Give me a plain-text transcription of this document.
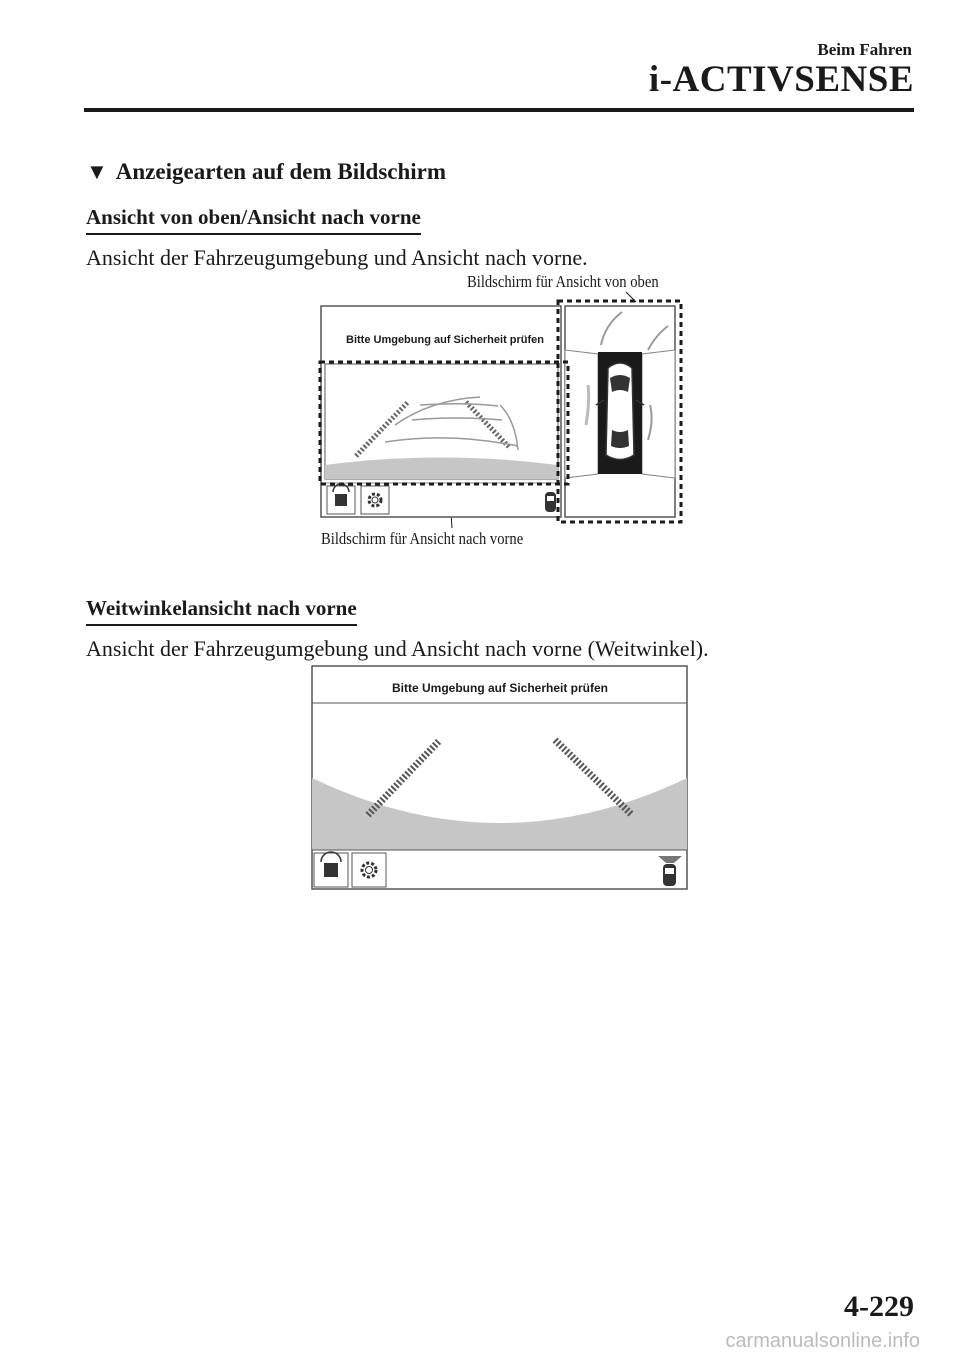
Beim Fahren
i-ACTIVSENSE
▼ Anzeigearten auf dem Bildschirm
Ansicht von oben/Ansicht nach vorne
Ansicht der Fahrzeugumgebung und Ansicht nach vorne.
Bildschirm für Ansicht von oben
Bildschirm für Ansicht nach vorne
Bitte Umgebung auf Sicherheit prüfen
Weitwinkelansicht nach vorne
Ansicht der Fahrzeugumgebung und Ansicht nach vorne (Weitwinkel).
Bitte Umgebung auf Sicherheit prüfen
4-229
carmanualsonline.info
